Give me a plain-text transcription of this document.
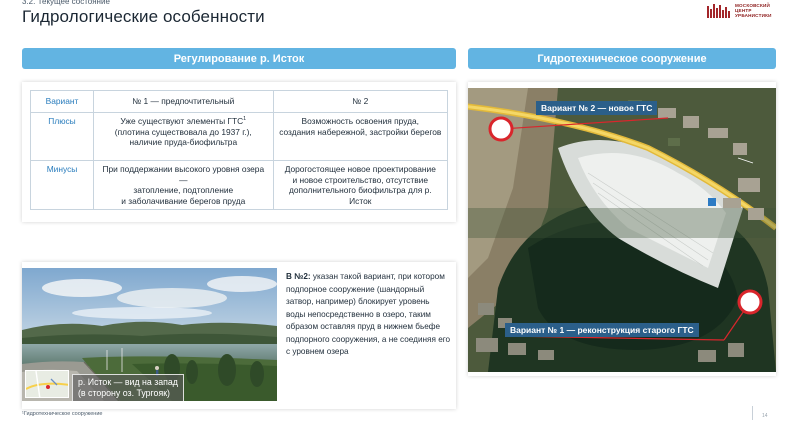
3.2. Текущее состояние
Гидрологические особенности
МОСКОВСКИЙ
ЦЕНТР
УРБАНИСТИКИ
Регулирование р. Исток	Гидротехническое сооружение
Вариант	№ 1 — предпочтительный	№ 2
Плюсы	Уже существуют элементы ГТС$^1$
(плотина существовала до 1937 г.),
наличие пруда-биофильтра	Возможность освоения пруда,
создания набережной, застройки берегов

Минусы	При поддержании высокого уровня озера —
затопление, подтопление
и заболачивание берегов пруда	Дорогостоящее новое проектирование
и новое строительство, отсутствие
дополнительного биофильтра для р. Исток
р. Исток — вид на запад
(в сторону оз. Тургояк)
В №2: указан такой вариант, при котором подпорное сооружение (шандорный затвор, например) блокирует уровень воды непосредственно в озеро, таким образом оставляя пруд в нижнем бьефе подпорного сооружения, а не соединяя его с уровнем озера
Вариант № 2 — новое ГТС
Вариант № 1 — реконструкция старого ГТС
¹Гидротехническое сооружение	14
